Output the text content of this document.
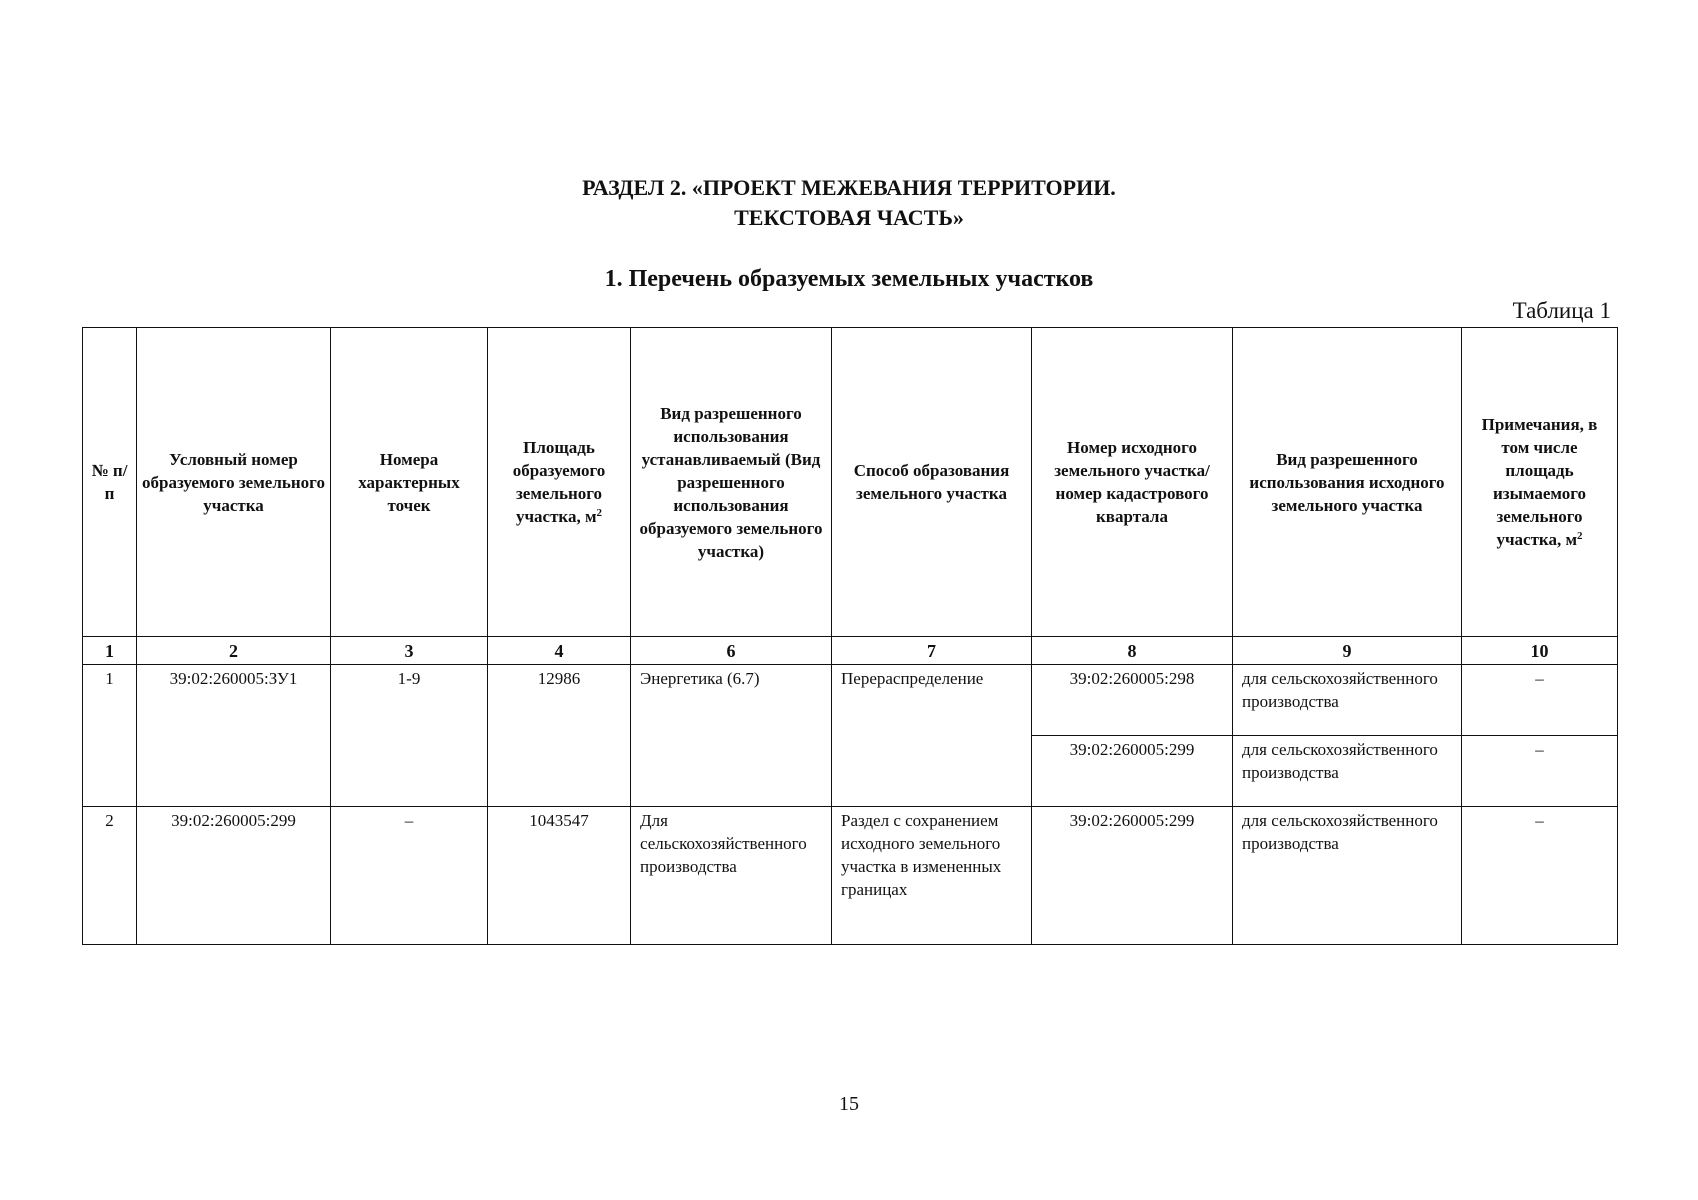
РАЗДЕЛ 2. «ПРОЕКТ МЕЖЕВАНИЯ ТЕРРИТОРИИ.
ТЕКСТОВАЯ ЧАСТЬ»
1. Перечень образуемых земельных участков
Таблица 1
№ п/п	Условный номер образуемого земельного участка	Номера характерных точек	Площадь образуемого земельного участка, $м^2$	Вид разрешенного использования устанавливаемый (Вид разрешенного использования образуемого земельного участка)	Способ образования земельного участка	Номер исходного земельного участка/ номер кадастрового квартала	Вид разрешенного использования исходного земельного участка	Примечания, в том числе площадь изымаемого земельного участка, $м^2$
1	2	3	4	6	7	8	9	10
1	39:02:260005:ЗУ1	1-9	12986	Энергетика (6.7)	Перераспределение	39:02:260005:298	для сельскохозяйственного производства	–
						39:02:260005:299	для сельскохозяйственного производства	–
2	39:02:260005:299	–	1043547	Для сельскохозяйственного производства	Раздел с сохранением исходного земельного участка в измененных границах	39:02:260005:299	для сельскохозяйственного производства	–
15
